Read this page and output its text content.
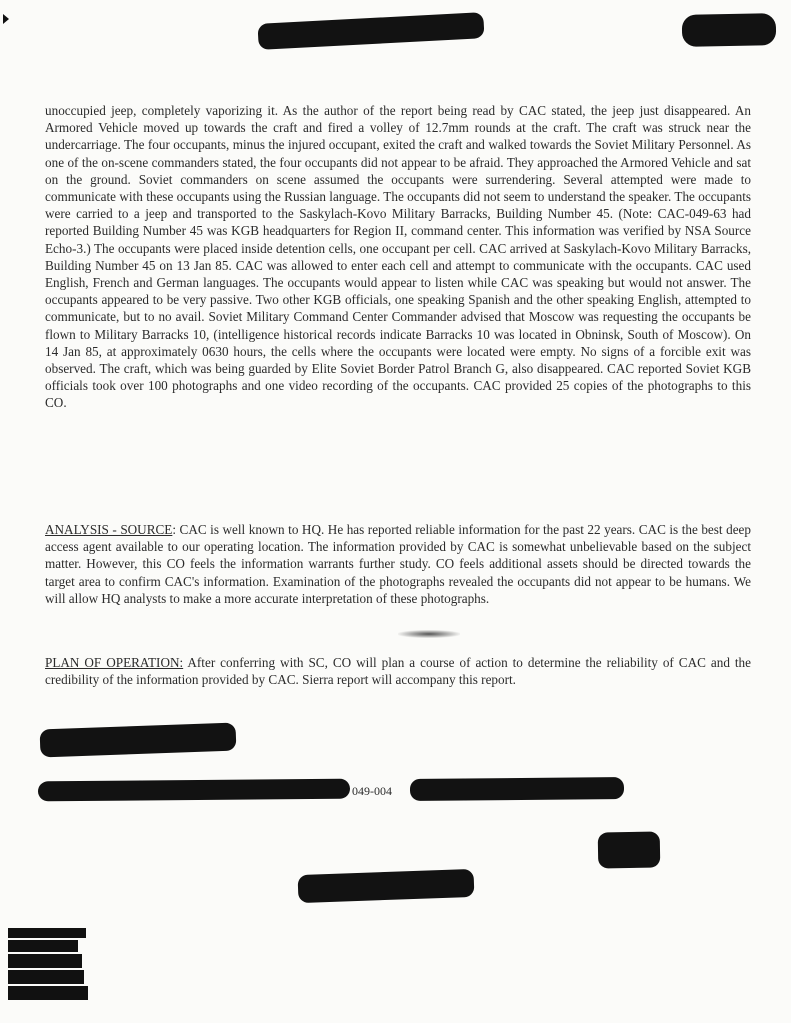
unoccupied jeep, completely vaporizing it. As the author of the report being read by CAC stated, the jeep just disappeared. An Armored Vehicle moved up towards the craft and fired a volley of 12.7mm rounds at the craft. The craft was struck near the undercarriage. The four occupants, minus the injured occupant, exited the craft and walked towards the Soviet Military Personnel. As one of the on-scene commanders stated, the four occupants did not appear to be afraid. They approached the Armored Vehicle and sat on the ground. Soviet commanders on scene assumed the occupants were surrendering. Several attempted were made to communicate with these occupants using the Russian language. The occupants did not seem to understand the speaker. The occupants were carried to a jeep and transported to the Saskylach-Kovo Military Barracks, Building Number 45. (Note: CAC-049-63 had reported Building Number 45 was KGB headquarters for Region II, command center. This information was verified by NSA Source Echo-3.) The occupants were placed inside detention cells, one occupant per cell. CAC arrived at Saskylach-Kovo Military Barracks, Building Number 45 on 13 Jan 85. CAC was allowed to enter each cell and attempt to communicate with the occupants. CAC used English, French and German languages. The occupants would appear to listen while CAC was speaking but would not answer. The occupants appeared to be very passive. Two other KGB officials, one speaking Spanish and the other speaking English, attempted to communicate, but to no avail. Soviet Military Command Center Commander advised that Moscow was requesting the occupants be flown to Military Barracks 10, (intelligence historical records indicate Barracks 10 was located in Obninsk, South of Moscow). On 14 Jan 85, at approximately 0630 hours, the cells where the occupants were located were empty. No signs of a forcible exit was observed. The craft, which was being guarded by Elite Soviet Border Patrol Branch G, also disappeared. CAC reported Soviet KGB officials took over 100 photographs and one video recording of the occupants. CAC provided 25 copies of the photographs to this CO.

ANALYSIS - SOURCE: CAC is well known to HQ. He has reported reliable information for the past 22 years. CAC is the best deep access agent available to our operating location. The information provided by CAC is somewhat unbelievable based on the subject matter. However, this CO feels the information warrants further study. CO feels additional assets should be directed towards the target area to confirm CAC's information. Examination of the photographs revealed the occupants did not appear to be humans. We will allow HQ analysts to make a more accurate interpretation of these photographs.

PLAN OF OPERATION: After conferring with SC, CO will plan a course of action to determine the reliability of CAC and the credibility of the information provided by CAC. Sierra report will accompany this report.

049-004
